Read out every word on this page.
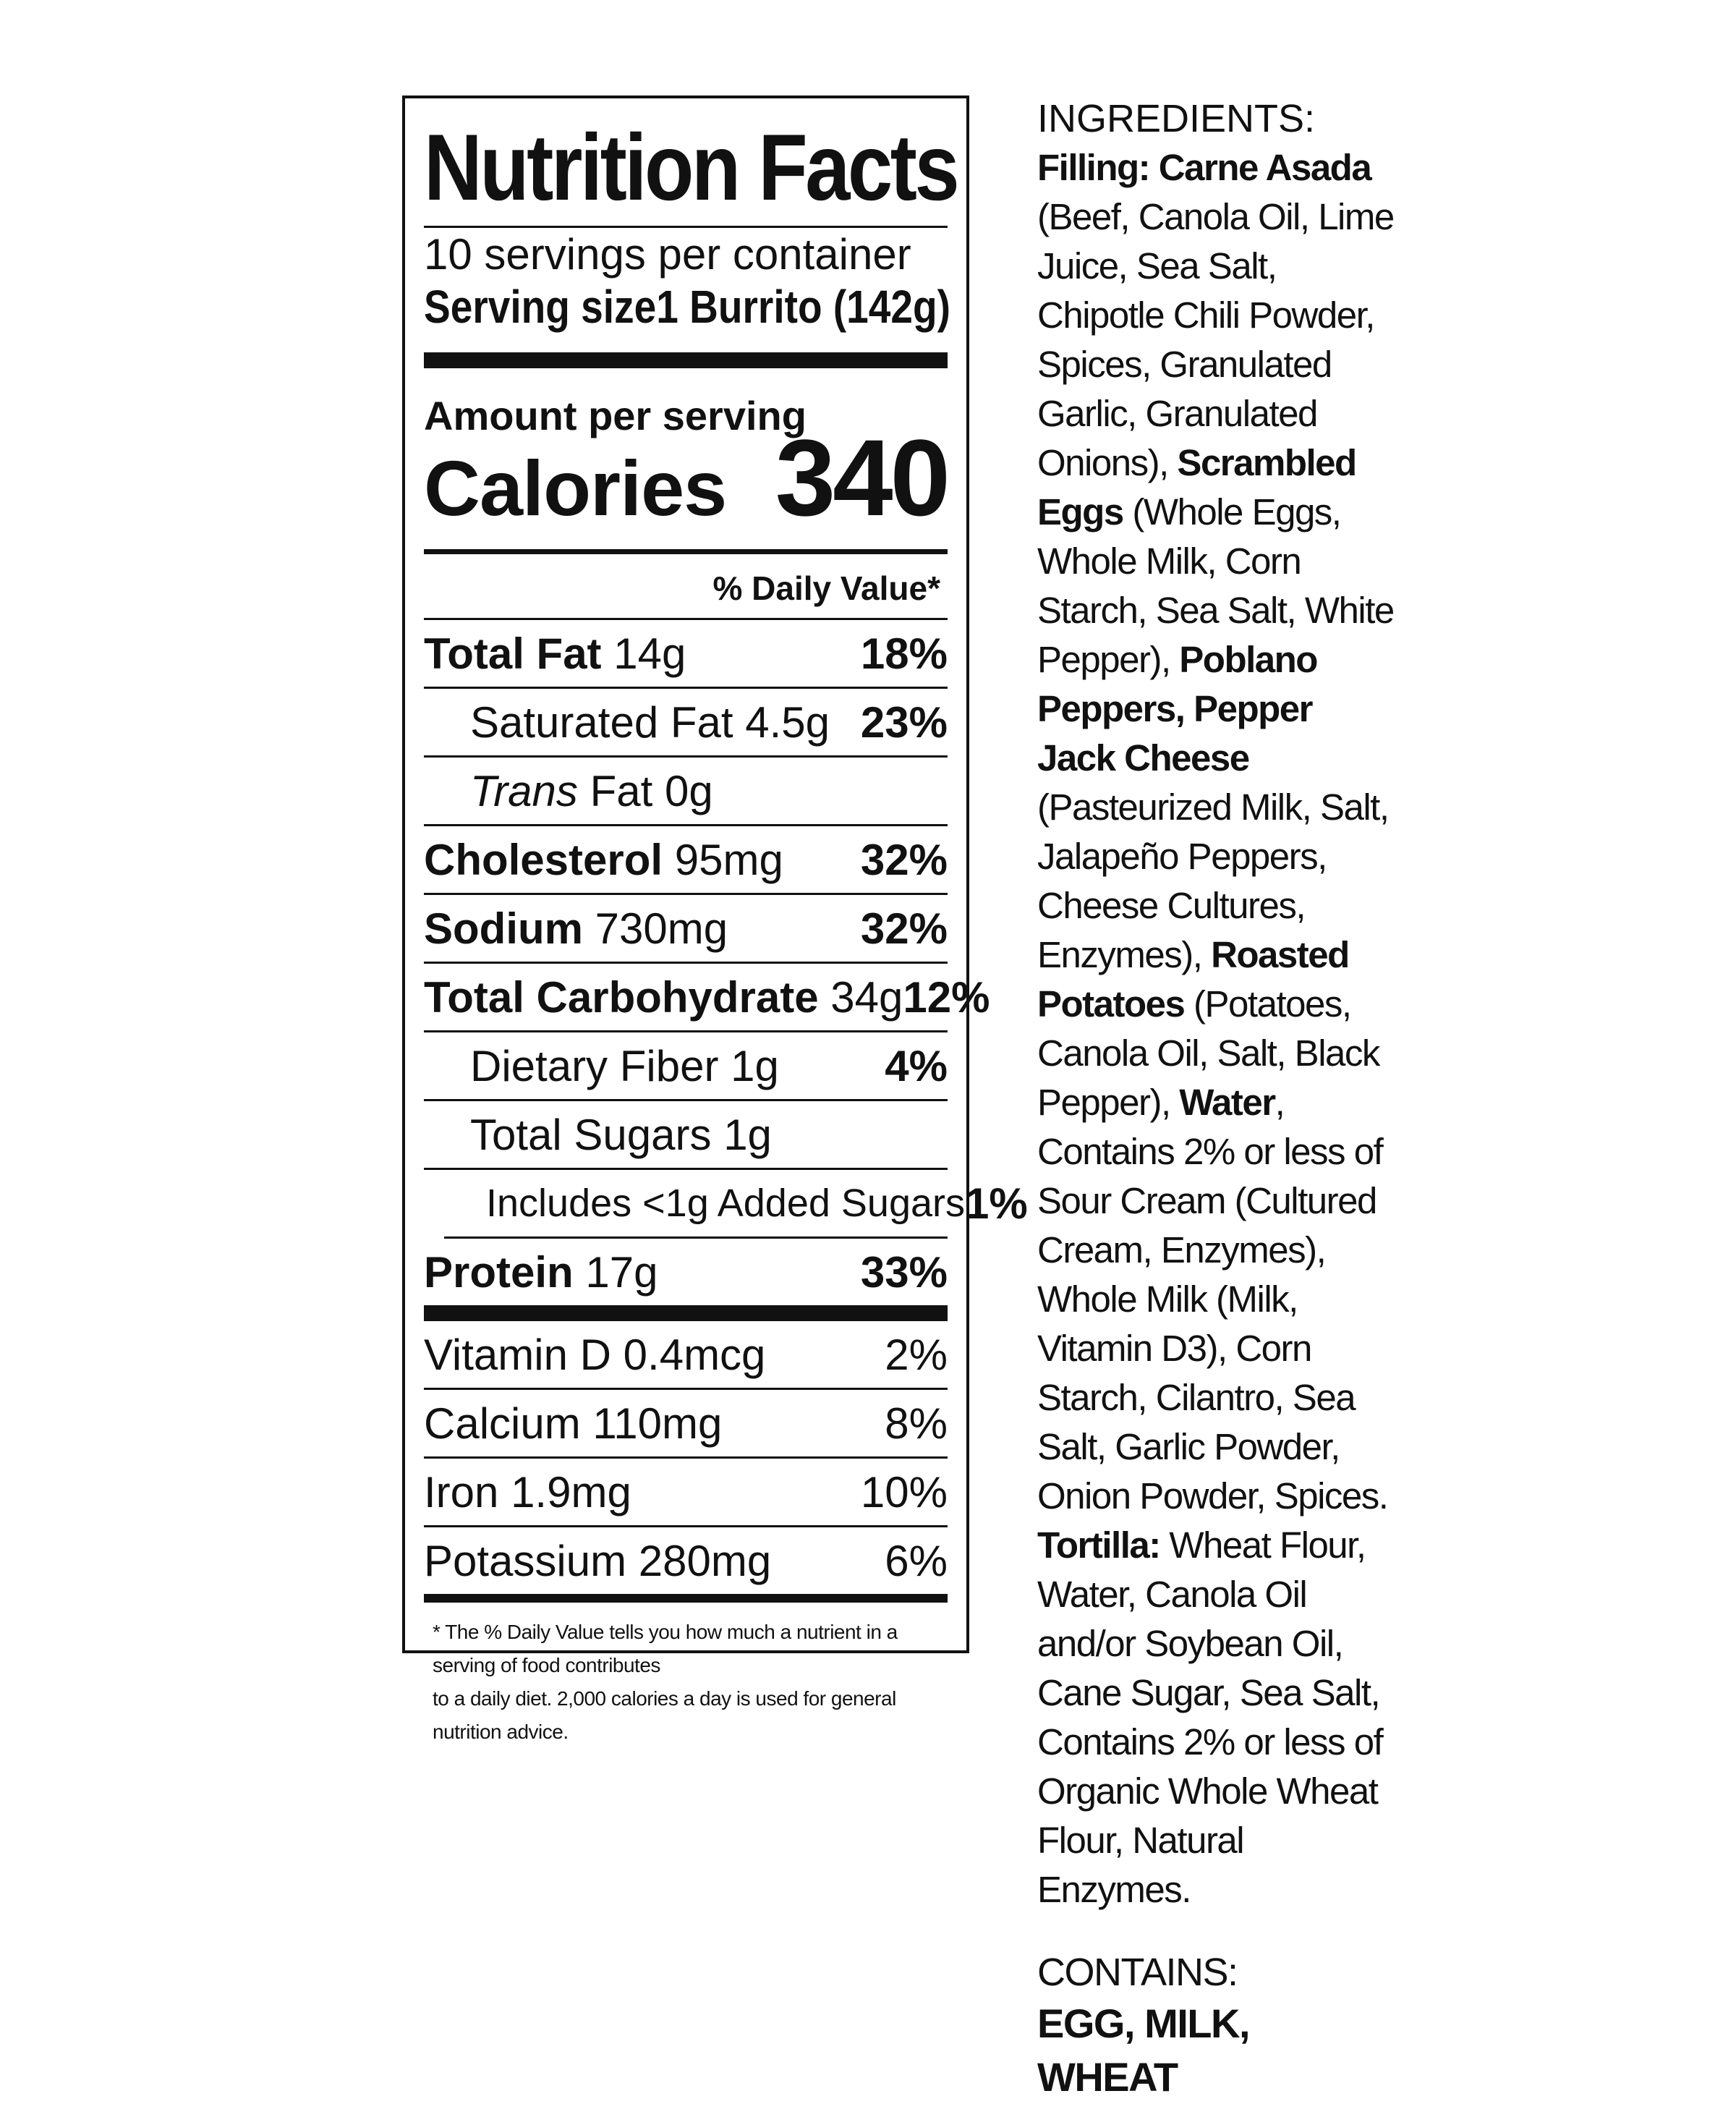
Nutrition Facts
10 servings per container
Serving size 1 Burrito (142g)
Amount per serving
Calories 340
% Daily Value*
Total Fat 14g	18%
Saturated Fat 4.5g 23%
Trans Fat 0g
Cholesterol 95mg 32%
Sodium 730mg	32%
Total Carbohydrate 34g 12%
Dietary Fiber 1g 4%
Total Sugars 1g
Includes <1g Added Sugars 1%
Protein 17g	33%
Vitamin D 0.4mcg	2%
Calcium 110mg	8%
Iron 1.9mg	10%
Potassium 280mg	6%
* The % Daily Value tells you how much a nutrient in a serving of food contributes
to a daily diet. 2,000 calories a day is used for general nutrition advice.
INGREDIENTS:
Filling: Carne Asada (Beef, Canola Oil, Lime Juice, Sea Salt, Chipotle Chili Powder, Spices, Granulated Garlic, Granulated Onions), Scrambled Eggs (Whole Eggs, Whole Milk, Corn Starch, Sea Salt, White Pepper), Poblano Peppers, Pepper Jack Cheese (Pasteurized Milk, Salt, Jalapeño Peppers, Cheese Cultures, Enzymes), Roasted Potatoes (Potatoes, Canola Oil, Salt, Black Pepper), Water, Contains 2% or less of Sour Cream (Cultured Cream, Enzymes), Whole Milk (Milk, Vitamin D3), Corn Starch, Cilantro, Sea Salt, Garlic Powder, Onion Powder, Spices. Tortilla: Wheat Flour, Water, Canola Oil and/or Soybean Oil, Cane Sugar, Sea Salt, Contains 2% or less of Organic Whole Wheat Flour, Natural Enzymes.
CONTAINS:
EGG, MILK, WHEAT
